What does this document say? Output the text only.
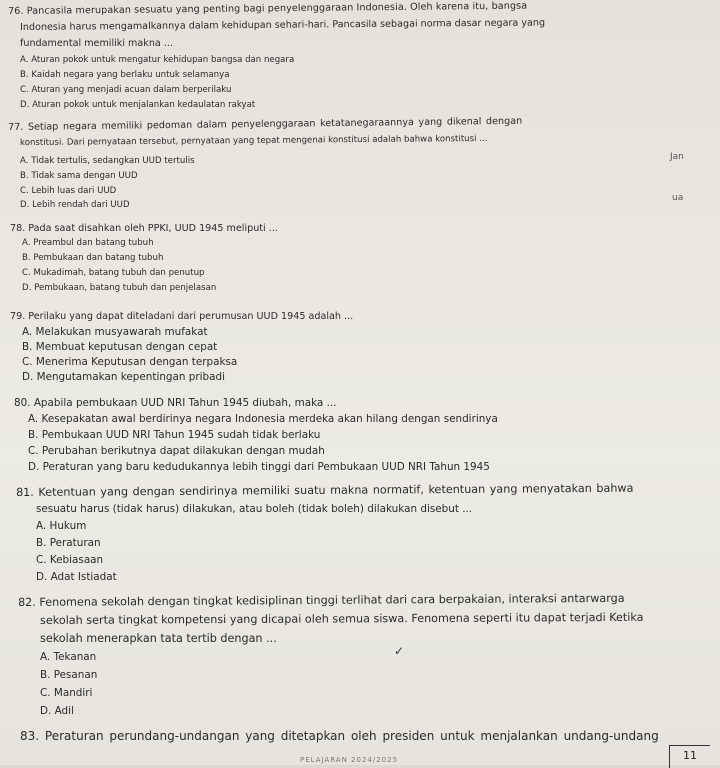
76. Pancasila merupakan sesuatu yang penting bagi penyelenggaraan Indonesia. Oleh karena itu, bangsa
Indonesia harus mengamalkannya dalam kehidupan sehari-hari. Pancasila sebagai norma dasar negara yang
fundamental memiliki makna ...
A. Aturan pokok untuk mengatur kehidupan bangsa dan negara
B. Kaidah negara yang berlaku untuk selamanya
C. Aturan yang menjadi acuan dalam berperilaku
D. Aturan pokok untuk menjalankan kedaulatan rakyat
77. Setiap negara memiliki pedoman dalam penyelenggaraan ketatanegaraannya yang dikenal dengan
konstitusi. Dari pernyataan tersebut, pernyataan yang tepat mengenai konstitusi adalah bahwa konstitusi ...
A. Tidak tertulis, sedangkan UUD tertulis
B. Tidak sama dengan UUD
C. Lebih luas dari UUD
D. Lebih rendah dari UUD
Jan
ua
78. Pada saat disahkan oleh PPKI, UUD 1945 meliputi ...
A. Preambul dan batang tubuh
B. Pembukaan dan batang tubuh
C. Mukadimah, batang tubuh dan penutup
D. Pembukaan, batang tubuh dan penjelasan
79. Perilaku yang dapat diteladani dari perumusan UUD 1945 adalah ...
A. Melakukan musyawarah mufakat
B. Membuat keputusan dengan cepat
C. Menerima Keputusan dengan terpaksa
D. Mengutamakan kepentingan pribadi
80. Apabila pembukaan UUD NRI Tahun 1945 diubah, maka ...
A. Kesepakatan awal berdirinya negara Indonesia merdeka akan hilang dengan sendirinya
B. Pembukaan UUD NRI Tahun 1945 sudah tidak berlaku
C. Perubahan berikutnya dapat dilakukan dengan mudah
D. Peraturan yang baru kedudukannya lebih tinggi dari Pembukaan UUD NRI Tahun 1945
81. Ketentuan yang dengan sendirinya memiliki suatu makna normatif, ketentuan yang menyatakan bahwa
sesuatu harus (tidak harus) dilakukan, atau boleh (tidak boleh) dilakukan disebut ...
A. Hukum
B. Peraturan
C. Kebiasaan
D. Adat Istiadat
82. Fenomena sekolah dengan tingkat kedisiplinan tinggi terlihat dari cara berpakaian, interaksi antarwarga
sekolah serta tingkat kompetensi yang dicapai oleh semua siswa. Fenomena seperti itu dapat terjadi Ketika
sekolah menerapkan tata tertib dengan ...
A. Tekanan
B. Pesanan
C. Mandiri
D. Adil
✓
83. Peraturan perundang-undangan yang ditetapkan oleh presiden untuk menjalankan undang-undang
PELAJARAN 2024/2025	11
